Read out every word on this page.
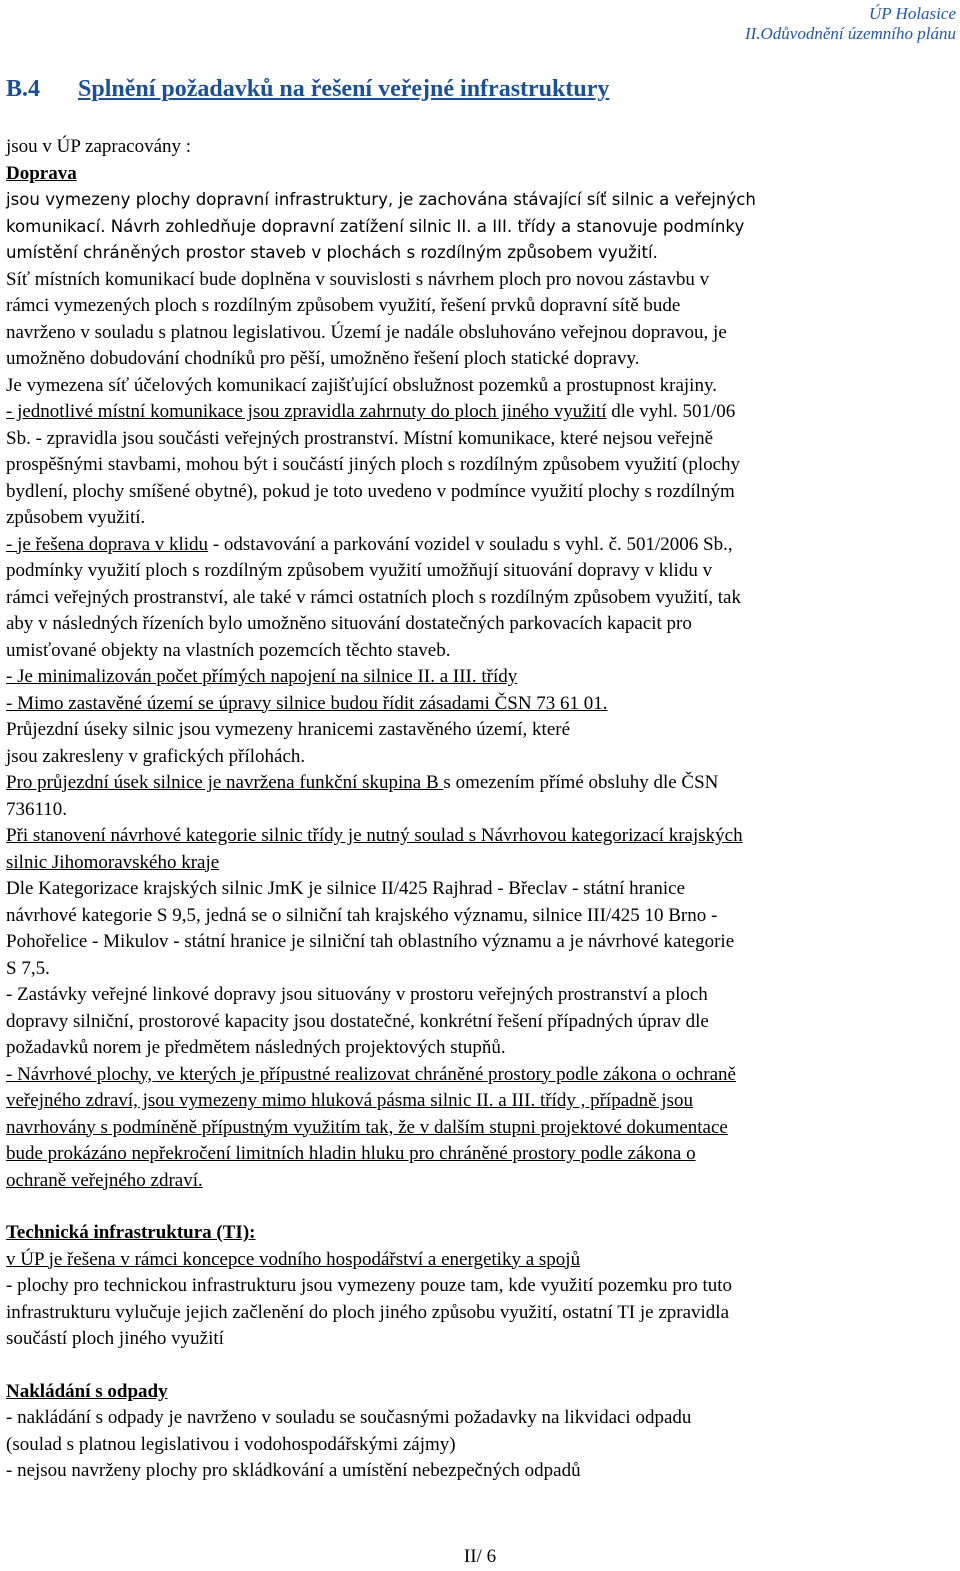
ÚP Holasice
II.Odůvodnění územního plánu
B.4 Splnění požadavků na řešení veřejné infrastruktury
jsou v ÚP zapracovány :
Doprava
jsou vymezeny plochy dopravní infrastruktury, je zachována stávající síť silnic a veřejných
komunikací. Návrh zohledňuje dopravní zatížení silnic II. a III. třídy a stanovuje podmínky
umístění chráněných prostor staveb v plochách s rozdílným způsobem využití.
Síť místních komunikací bude doplněna v souvislosti s návrhem ploch pro novou zástavbu v
rámci vymezených ploch s rozdílným způsobem využití, řešení prvků dopravní sítě bude
navrženo v souladu s platnou legislativou. Území je nadále obsluhováno veřejnou dopravou, je
umožněno dobudování chodníků pro pěší, umožněno řešení ploch statické dopravy.
Je vymezena síť účelových komunikací zajišťující obslužnost pozemků a prostupnost krajiny.
- jednotlivé místní komunikace jsou zpravidla zahrnuty do ploch jiného využití dle vyhl. 501/06
Sb. - zpravidla jsou součásti veřejných prostranství. Místní komunikace, které nejsou veřejně
prospěšnými stavbami, mohou být i součástí jiných ploch s rozdílným způsobem využití (plochy
bydlení, plochy smíšené obytné), pokud je toto uvedeno v podmínce využití plochy s rozdílným
způsobem využití.
- je řešena doprava v klidu - odstavování a parkování vozidel v souladu s vyhl. č. 501/2006 Sb.,
podmínky využití ploch s rozdílným způsobem využití umožňují situování dopravy v klidu v
rámci veřejných prostranství, ale také v rámci ostatních ploch s rozdílným způsobem využití, tak
aby v následných řízeních bylo umožněno situování dostatečných parkovacích kapacit pro
umisťované objekty na vlastních pozemcích těchto staveb.
- Je minimalizován počet přímých napojení na silnice II. a III. třídy
- Mimo zastavěné území se úpravy silnice budou řídit zásadami ČSN 73 61 01.
Průjezdní úseky silnic jsou vymezeny hranicemi zastavěného území, které
jsou zakresleny v grafických přílohách.
Pro průjezdní úsek silnice je navržena funkční skupina B s omezením přímé obsluhy dle ČSN
736110.
Při stanovení návrhové kategorie silnic třídy je nutný soulad s Návrhovou kategorizací krajských
silnic Jihomoravského kraje
Dle Kategorizace krajských silnic JmK je silnice II/425 Rajhrad - Břeclav - státní hranice
návrhové kategorie S 9,5, jedná se o silniční tah krajského významu, silnice III/425 10 Brno -
Pohořelice - Mikulov - státní hranice je silniční tah oblastního významu a je návrhové kategorie
S 7,5.
- Zastávky veřejné linkové dopravy jsou situovány v prostoru veřejných prostranství a ploch
dopravy silniční, prostorové kapacity jsou dostatečné, konkrétní řešení případných úprav dle
požadavků norem je předmětem následných projektových stupňů.
- Návrhové plochy, ve kterých je přípustné realizovat chráněné prostory podle zákona o ochraně
veřejného zdraví, jsou vymezeny mimo hluková pásma silnic II. a III. třídy , případně jsou
navrhovány s podmíněně přípustným využitím tak, že v dalším stupni projektové dokumentace
bude prokázáno nepřekročení limitních hladin hluku pro chráněné prostory podle zákona o
ochraně veřejného zdraví.
Technická infrastruktura (TI):
v ÚP je řešena v rámci koncepce vodního hospodářství a energetiky a spojů
- plochy pro technickou infrastrukturu jsou vymezeny pouze tam, kde využití pozemku pro tuto
infrastrukturu vylučuje jejich začlenění do ploch jiného způsobu využití, ostatní TI je zpravidla
součástí ploch jiného využití
Nakládání s odpady
- nakládání s odpady je navrženo v souladu se současnými požadavky na likvidaci odpadu
(soulad s platnou legislativou i vodohospodářskými zájmy)
- nejsou navrženy plochy pro skládkování a umístění nebezpečných odpadů
II/ 6
